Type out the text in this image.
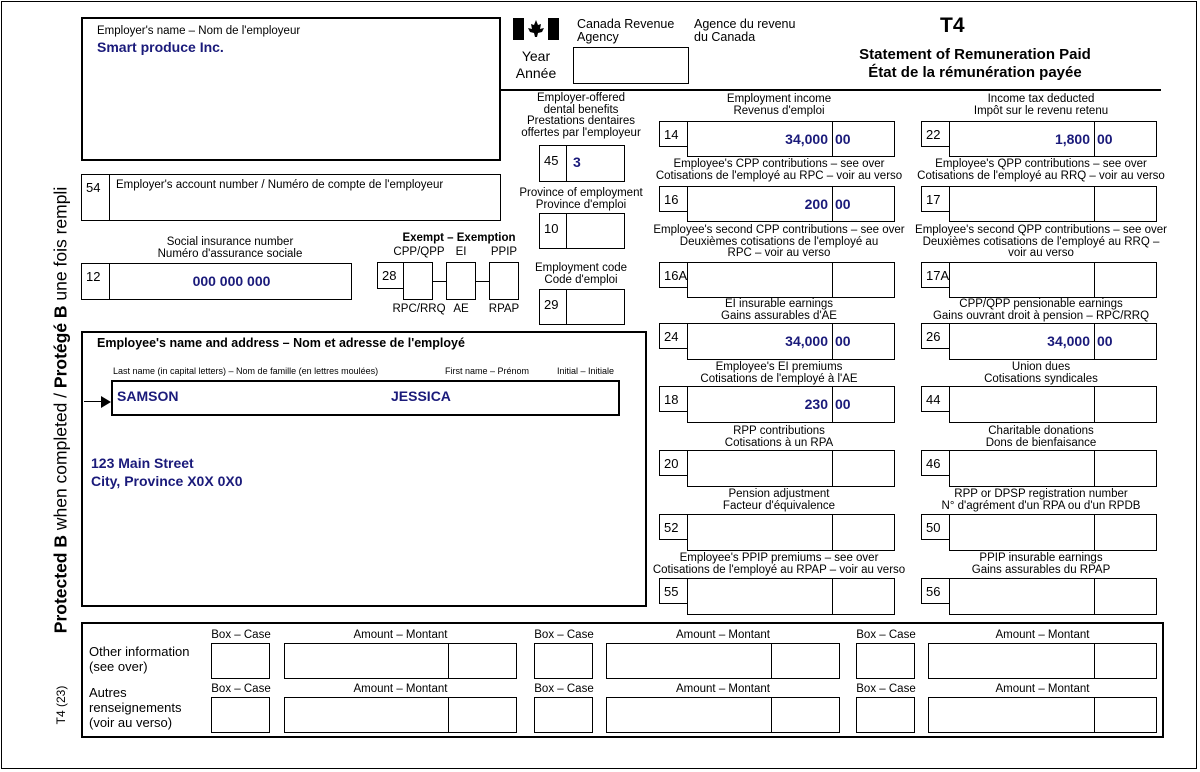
Protected B when completed / Protégé B une fois rempli
T4 (23)
Employer's name – Nom de l'employeur
Smart produce Inc.
Canada Revenue
Agency
Agence du revenu
du Canada
Year
Année
T4
Statement of Remuneration Paid
État de la rémunération payée
54	Employer's account number / Numéro de compte de l'employeur
Social insurance number
Numéro d'assurance sociale
12	000 000 000
Exempt – Exemption
CPP/QPP EI	PPIP
28
RPC/RRQ AE	RPAP
Employer-offered
dental benefits
Prestations dentaires
offertes par l'employeur
45	3
Province of employment
Province d'emploi
10
Employment code
Code d'emploi
29
Employee's name and address – Nom et adresse de l'employé
Last name (in capital letters) – Nom de famille (en lettres moulées)	First name – Prénom	Initial – Initiale
123 Main Street
City, Province X0X 0X0
SAMSON	JESSICA
Employment income
Revenus d'emploi
14	34,000 00
Income tax deducted
Impôt sur le revenu retenu
22	1,800 00
Employee's CPP contributions – see over
Cotisations de l'employé au RPC – voir au verso
16	200 00
Employee's QPP contributions – see over
Cotisations de l'employé au RRQ – voir au verso
17
Employee's second CPP contributions – see over
Deuxièmes cotisations de l'employé au
RPC – voir au verso
16A
Employee's second QPP contributions – see over
Deuxièmes cotisations de l'employé au RRQ –
voir au verso
17A
EI insurable earnings
Gains assurables d'AE
24	34,000 00
CPP/QPP pensionable earnings
Gains ouvrant droit à pension – RPC/RRQ
26	34,000 00
Employee's EI premiums
Cotisations de l'employé à l'AE
18	230 00
Union dues
Cotisations syndicales
44
RPP contributions
Cotisations à un RPA
20
Charitable donations
Dons de bienfaisance
46
Pension adjustment
Facteur d'équivalence
52
RPP or DPSP registration number
N° d'agrément d'un RPA ou d'un RPDB
50
Employee's PPIP premiums – see over
Cotisations de l'employé au RPAP – voir au verso
55
PPIP insurable earnings
Gains assurables du RPAP
56
Other information
(see over)
Autres
renseignements
(voir au verso)
Box – Case	Amount – Montant	Box – Case	Amount – Montant	Box – Case	Amount – Montant
Box – Case	Amount – Montant	Box – Case	Amount – Montant	Box – Case	Amount – Montant
